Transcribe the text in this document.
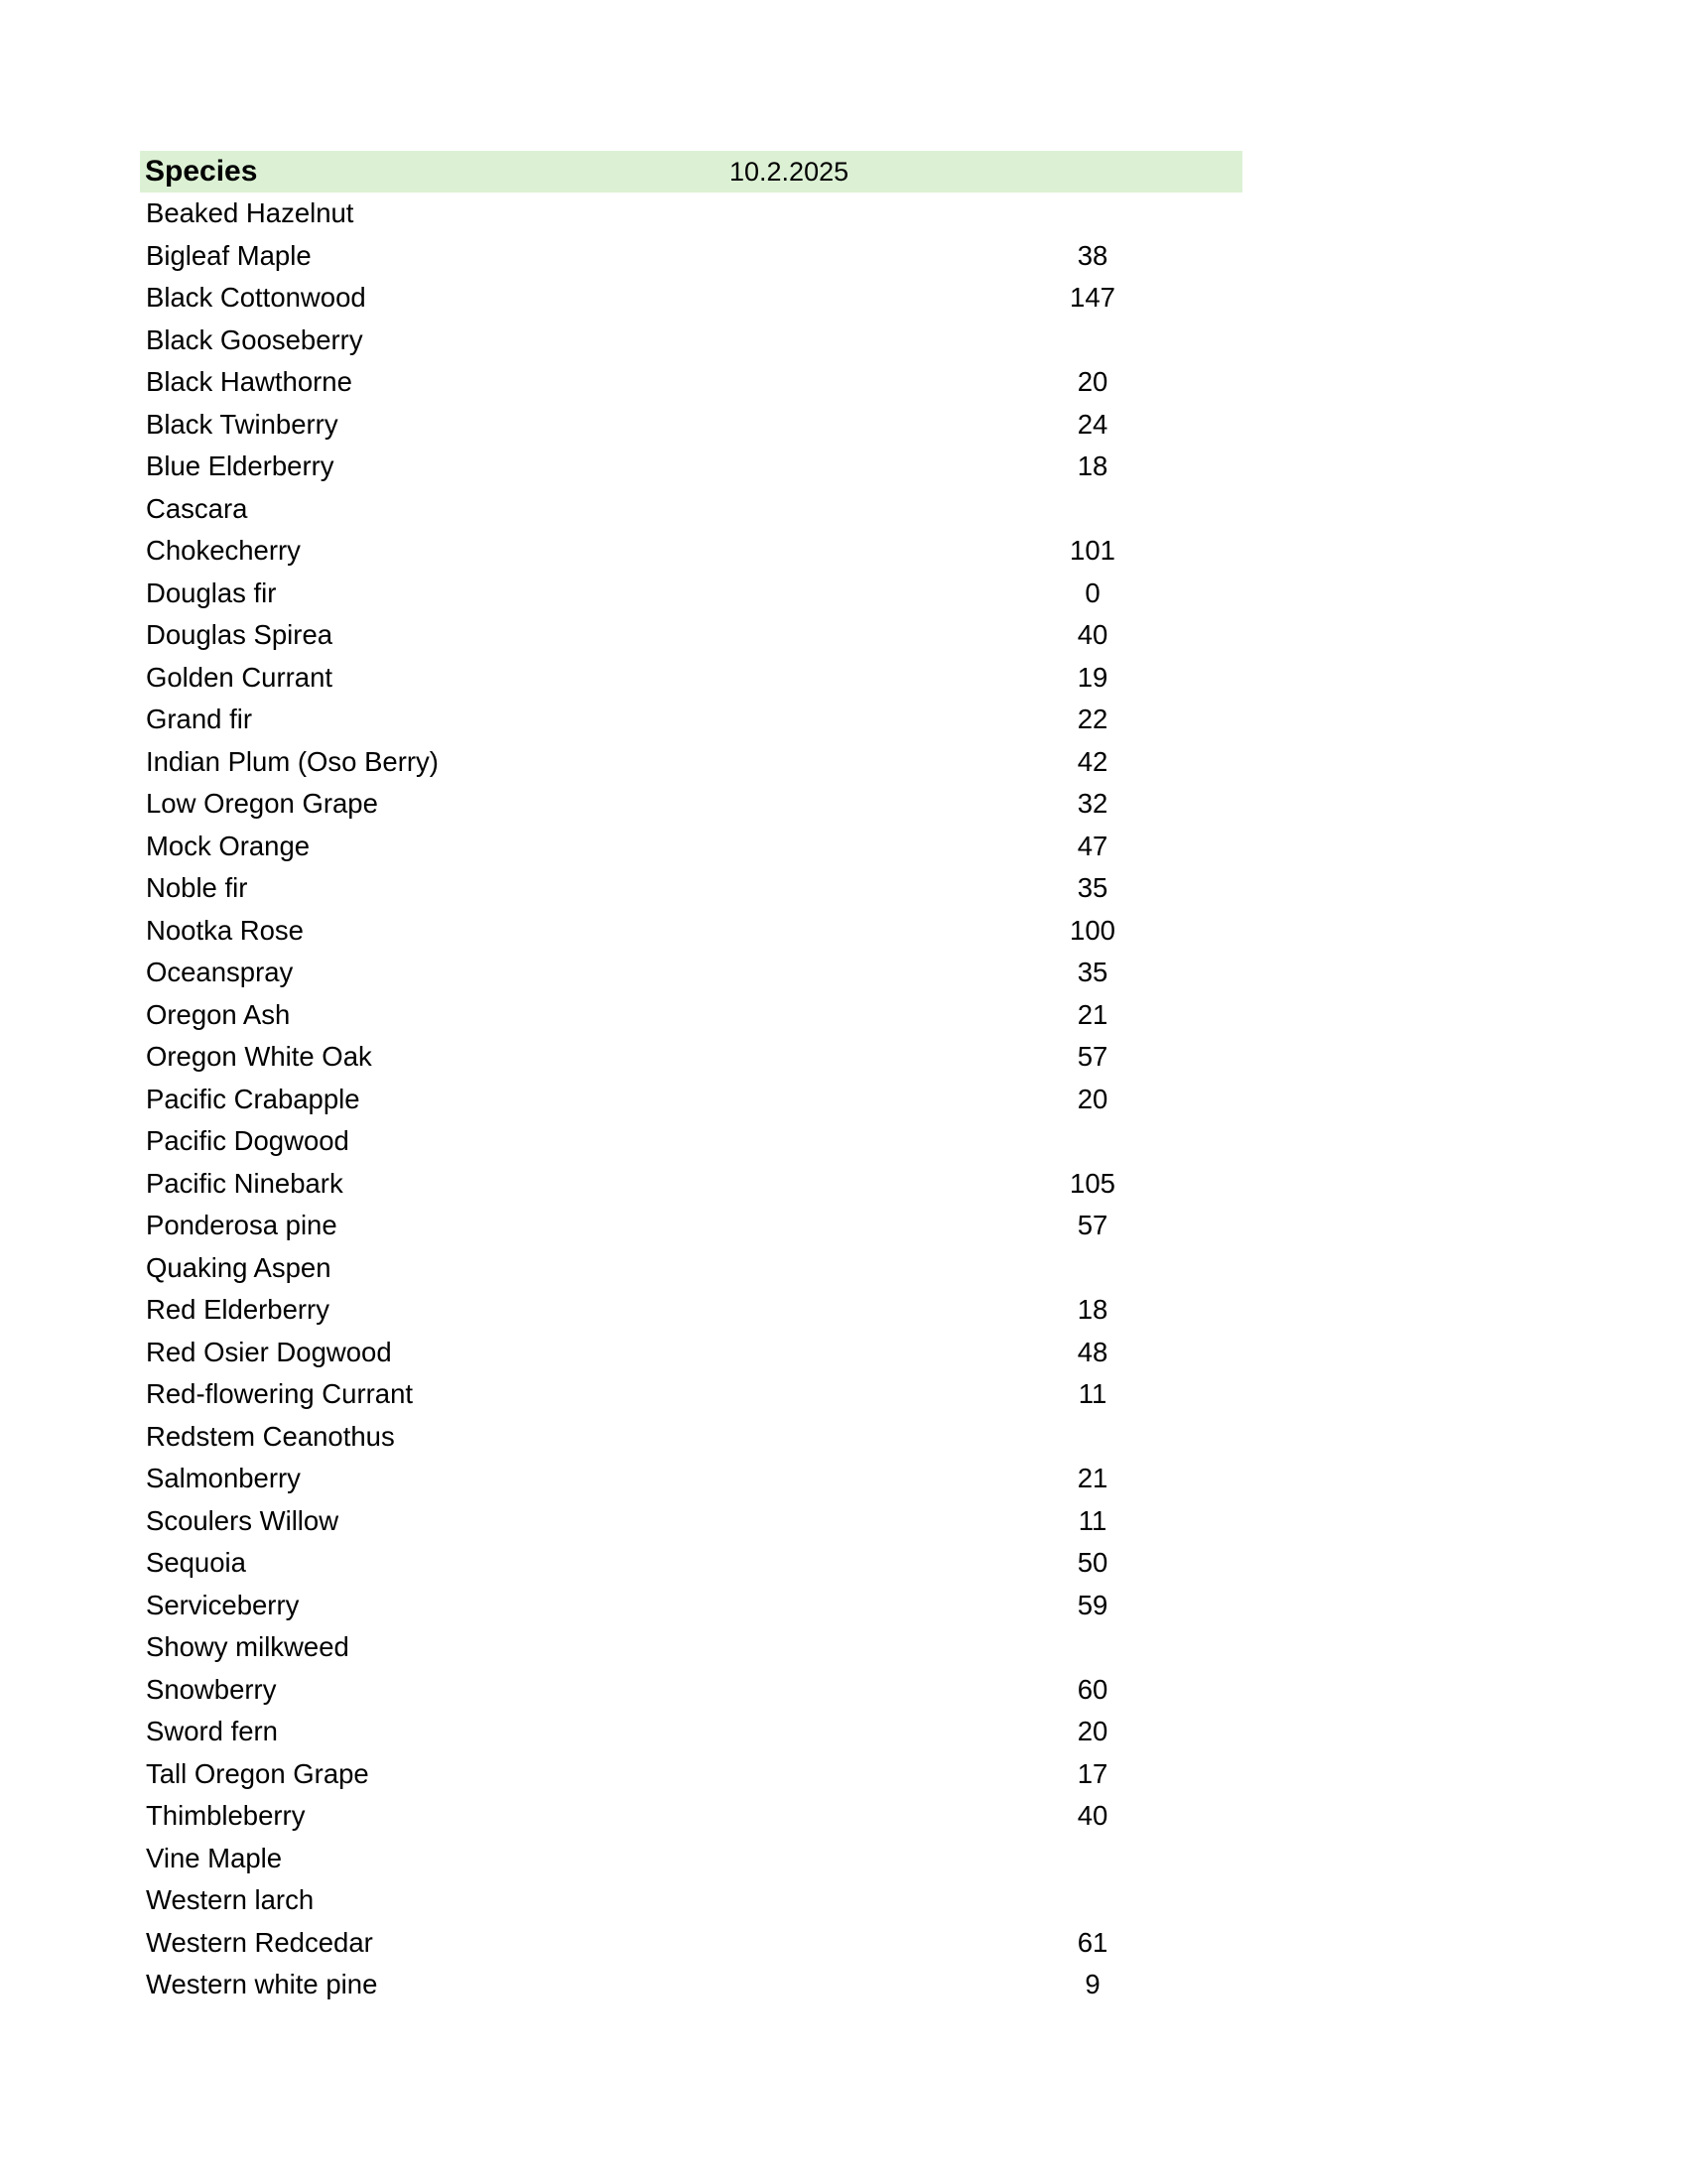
Species	10.2.2025
Beaked Hazelnut
Bigleaf Maple	38
Black Cottonwood	147
Black Gooseberry
Black Hawthorne	20
Black Twinberry	24
Blue Elderberry	18
Cascara
Chokecherry	101
Douglas fir	0
Douglas Spirea	40
Golden Currant	19
Grand fir	22
Indian Plum (Oso Berry)	42
Low Oregon Grape	32
Mock Orange	47
Noble fir	35
Nootka Rose	100
Oceanspray	35
Oregon Ash	21
Oregon White Oak	57
Pacific Crabapple	20
Pacific Dogwood
Pacific Ninebark	105
Ponderosa pine	57
Quaking Aspen
Red Elderberry	18
Red Osier Dogwood	48
Red-flowering Currant	11
Redstem Ceanothus
Salmonberry	21
Scoulers Willow	11
Sequoia	50
Serviceberry	59
Showy milkweed
Snowberry	60
Sword fern	20
Tall Oregon Grape	17
Thimbleberry	40
Vine Maple
Western larch
Western Redcedar	61
Western white pine	9
